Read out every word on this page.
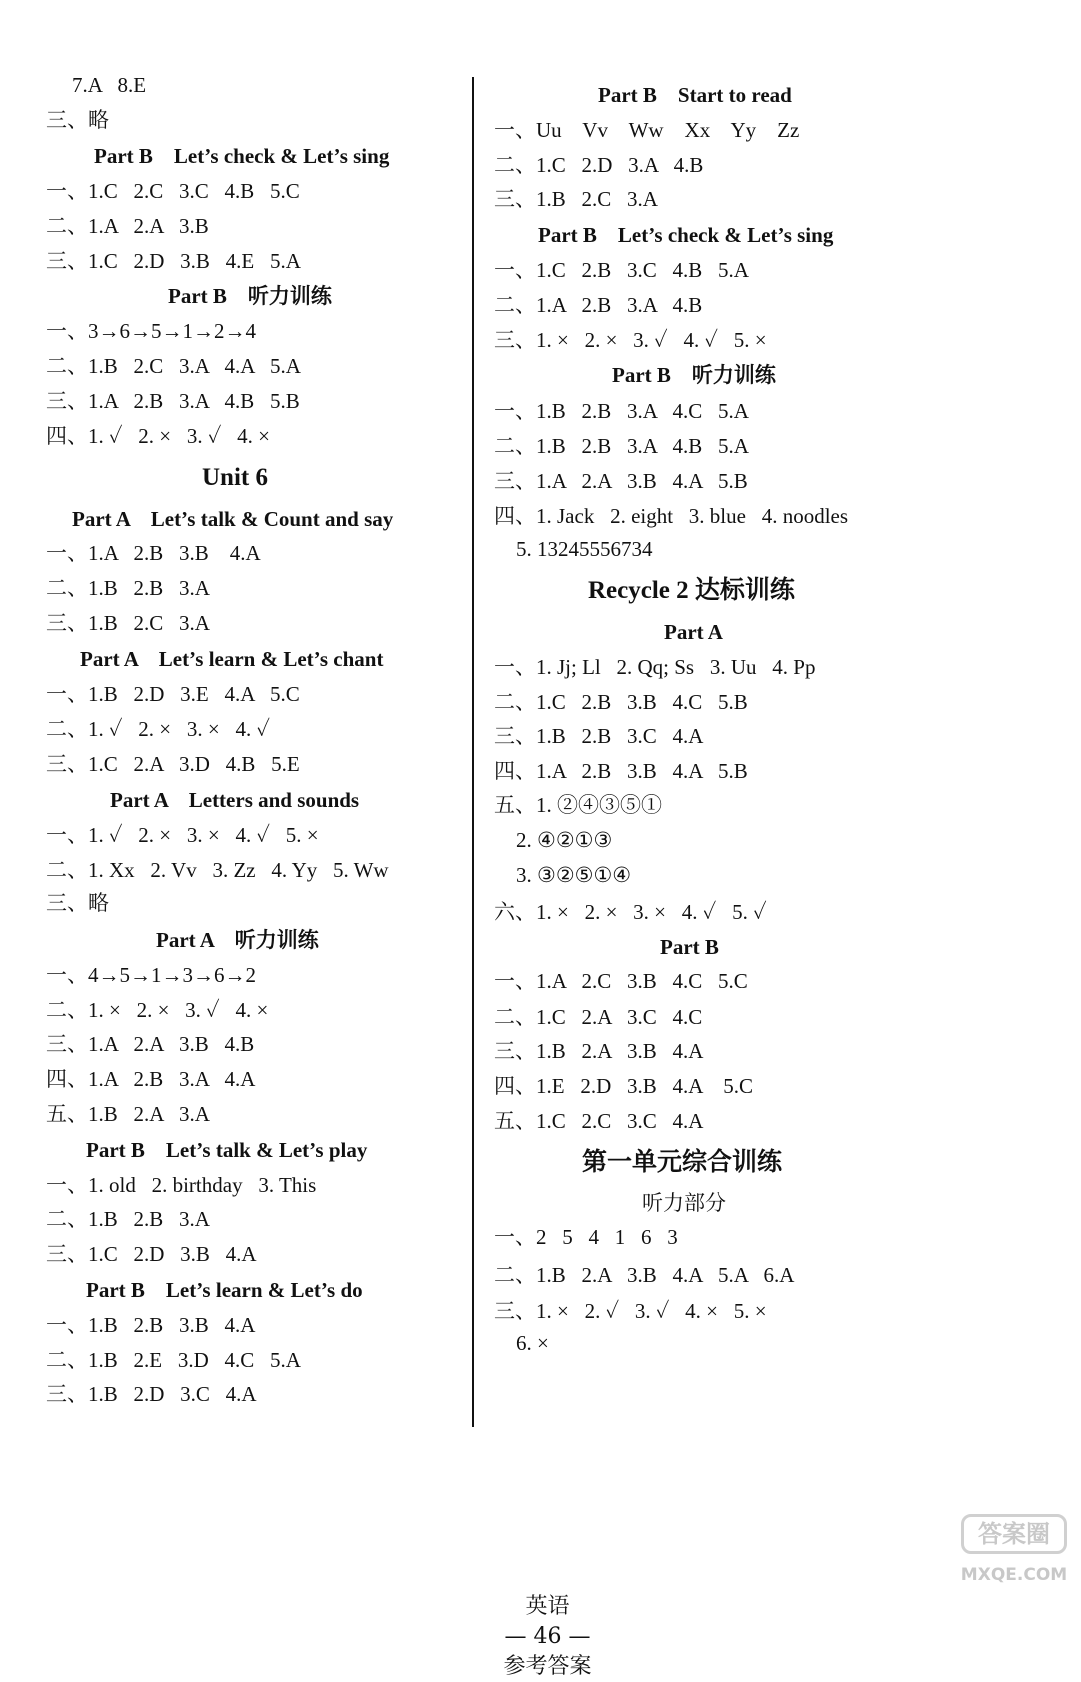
7.A   8.E
三、略
Part B    Let’s check & Let’s sing
一、1.C   2.C   3.C   4.B   5.C
二、1.A   2.A   3.B
三、1.C   2.D   3.B   4.E   5.A
Part B    听力训练
一、3→6→5→1→2→4
二、1.B   2.C   3.A   4.A   5.A
三、1.A   2.B   3.A   4.B   5.B
四、1. ✓   2. ×   3. ✓   4. ×
Unit 6
Part A    Let’s talk & Count and say
一、1.A   2.B   3.B    4.A
二、1.B   2.B   3.A
三、1.B   2.C   3.A
Part A    Let’s learn & Let’s chant
一、1.B   2.D   3.E   4.A   5.C
二、1. ✓   2. ×   3. ×   4. ✓
三、1.C   2.A   3.D   4.B   5.E
Part A    Letters and sounds
一、1. ✓   2. ×   3. ×   4. ✓   5. ×
二、1. Xx   2. Vv   3. Zz   4. Yy   5. Ww
三、略
Part A    听力训练
一、4→5→1→3→6→2
二、1. ×   2. ×   3. ✓   4. ×
三、1.A   2.A   3.B   4.B
四、1.A   2.B   3.A   4.A
五、1.B   2.A   3.A
Part B    Let’s talk & Let’s play
一、1. old   2. birthday   3. This
二、1.B   2.B   3.A
三、1.C   2.D   3.B   4.A
Part B    Let’s learn & Let’s do
一、1.B   2.B   3.B   4.A
二、1.B   2.E   3.D   4.C   5.A
三、1.B   2.D   3.C   4.A
Part B    Start to read
一、Uu    Vv    Ww    Xx    Yy    Zz
二、1.C   2.D   3.A   4.B
三、1.B   2.C   3.A
Part B    Let’s check & Let’s sing
一、1.C   2.B   3.C   4.B   5.A
二、1.A   2.B   3.A   4.B
三、1. ×   2. ×   3. ✓   4. ✓   5. ×
Part B    听力训练
一、1.B   2.B   3.A   4.C   5.A
二、1.B   2.B   3.A   4.B   5.A
三、1.A   2.A   3.B   4.A   5.B
四、1. Jack   2. eight   3. blue   4. noodles
5. 13245556734
Recycle 2 达标训练
Part A
一、1. Jj; Ll   2. Qq; Ss   3. Uu   4. Pp
二、1.C   2.B   3.B   4.C   5.B
三、1.B   2.B   3.C   4.A
四、1.A   2.B   3.B   4.A   5.B
五、1. ②④③⑤①
2. ④②①③
3. ③②⑤①④
六、1. ×   2. ×   3. ×   4. ✓   5. ✓
Part B
一、1.A   2.C   3.B   4.C   5.C
二、1.C   2.A   3.C   4.C
三、1.B   2.A   3.B   4.A
四、1.E   2.D   3.B   4.A    5.C
五、1.C   2.C   3.C   4.A
第一单元综合训练
听力部分
一、2   5   4   1   6   3
二、1.B   2.A   3.B   4.A   5.A   6.A
三、1. ×   2. ✓   3. ✓   4. ×   5. ×
6. ×

英语
— 46 —
参考答案

答案圈
MXQE.COM
